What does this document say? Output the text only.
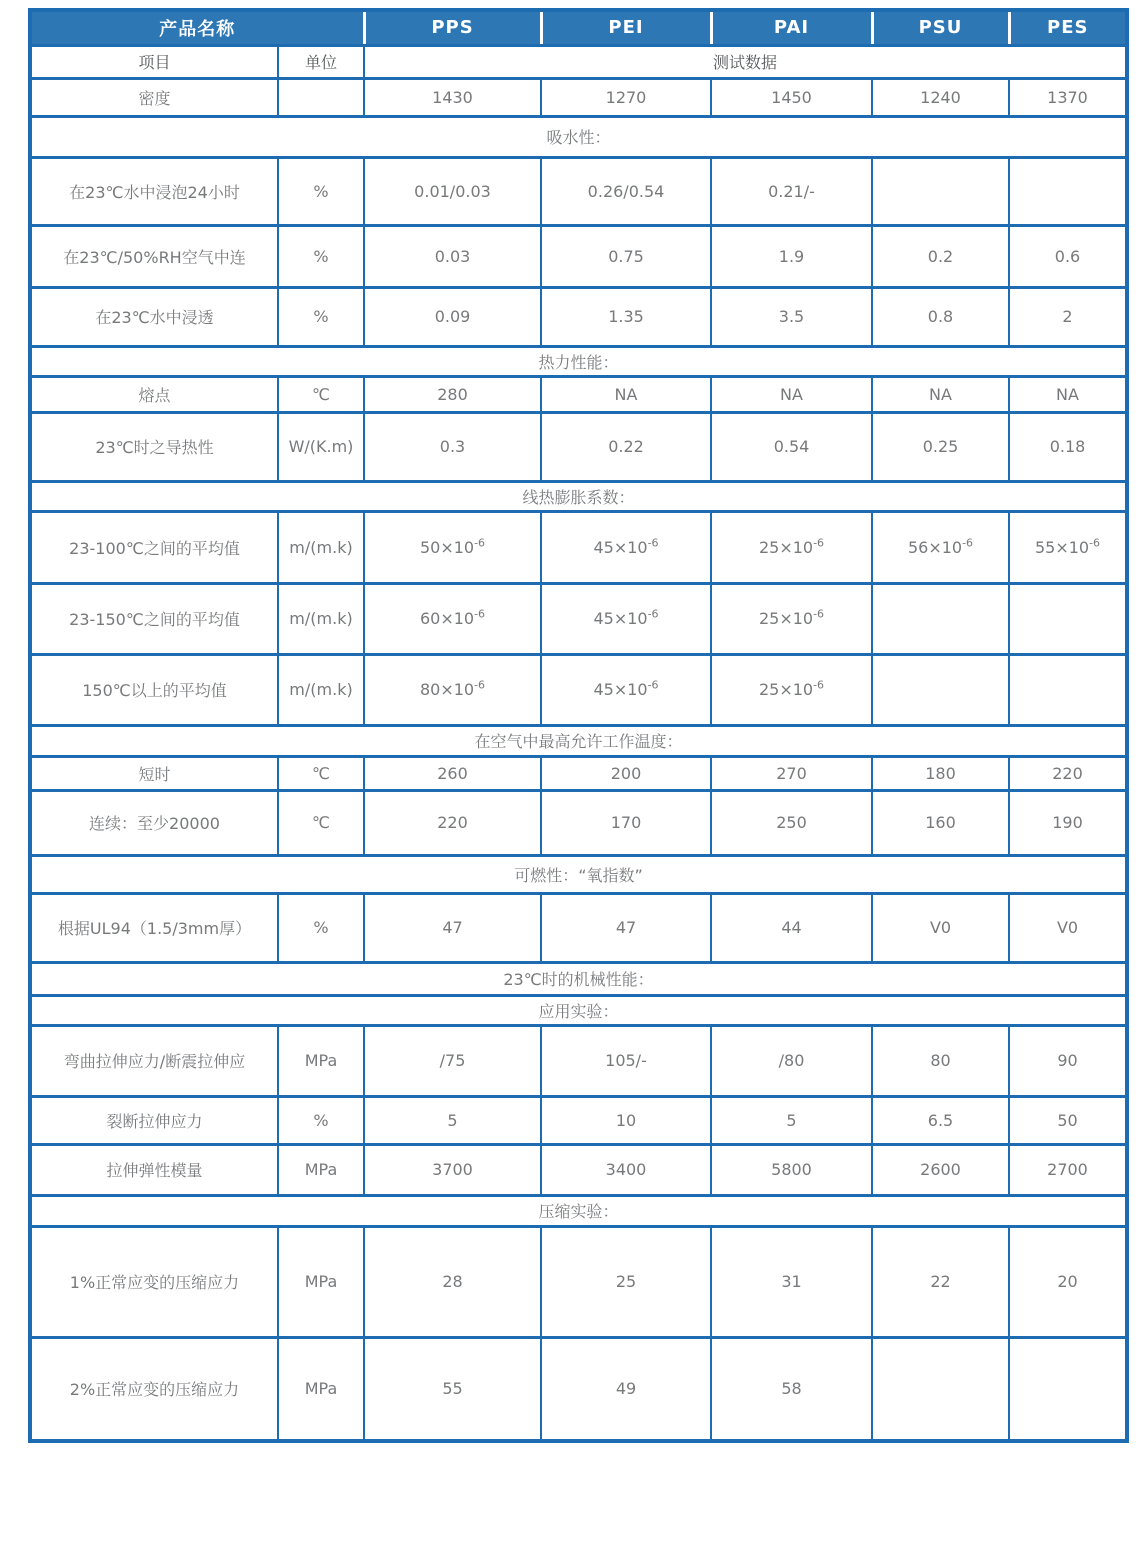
产品名称		PPS	PEI	PAI	PSU	PES
项目	单位	测试数据				
密度		1430	1270	1450	1240	1370
吸水性：						
在23℃水中浸泡24小时	%	0.01/0.03	0.26/0.54	0.21/-		
在23℃/50%RH空气中连	%	0.03	0.75	1.9	0.2	0.6
在23℃水中浸透	%	0.09	1.35	3.5	0.8	2
热力性能：						
熔点	℃	280	NA	NA	NA	NA
23℃时之导热性	W/(K.m)	0.3	0.22	0.54	0.25	0.18
线热膨胀系数：						
23-100℃之间的平均值	m/(m.k)	$50\times 10^{-6}$	$45\times 10^{-6}$	$25\times 10^{-6}$	$56\times 10^{-6}$	$55\times 10^{-6}$
23-150℃之间的平均值	m/(m.k)	$60\times 10^{-6}$	$45\times 10^{-6}$	$25\times 10^{-6}$		
150℃以上的平均值	m/(m.k)	$80\times 10^{-6}$	$45\times 10^{-6}$	$25\times 10^{-6}$		
在空气中最高允许工作温度：						
短时	℃	260	200	270	180	220
连续：至少20000	℃	220	170	250	160	190
可燃性：“氧指数”						
根据UL94（1.5/3mm厚）	%	47	47	44	V0	V0
23℃时的机械性能：						
应用实验：						
弯曲拉伸应力/断震拉伸应	MPa	/75	105/-	/80	80	90
裂断拉伸应力	%	5	10	5	6.5	50
拉伸弹性模量	MPa	3700	3400	5800	2600	2700
压缩实验：						
1%正常应变的压缩应力	MPa	28	25	31	22	20
2%正常应变的压缩应力	MPa	55	49	58		
